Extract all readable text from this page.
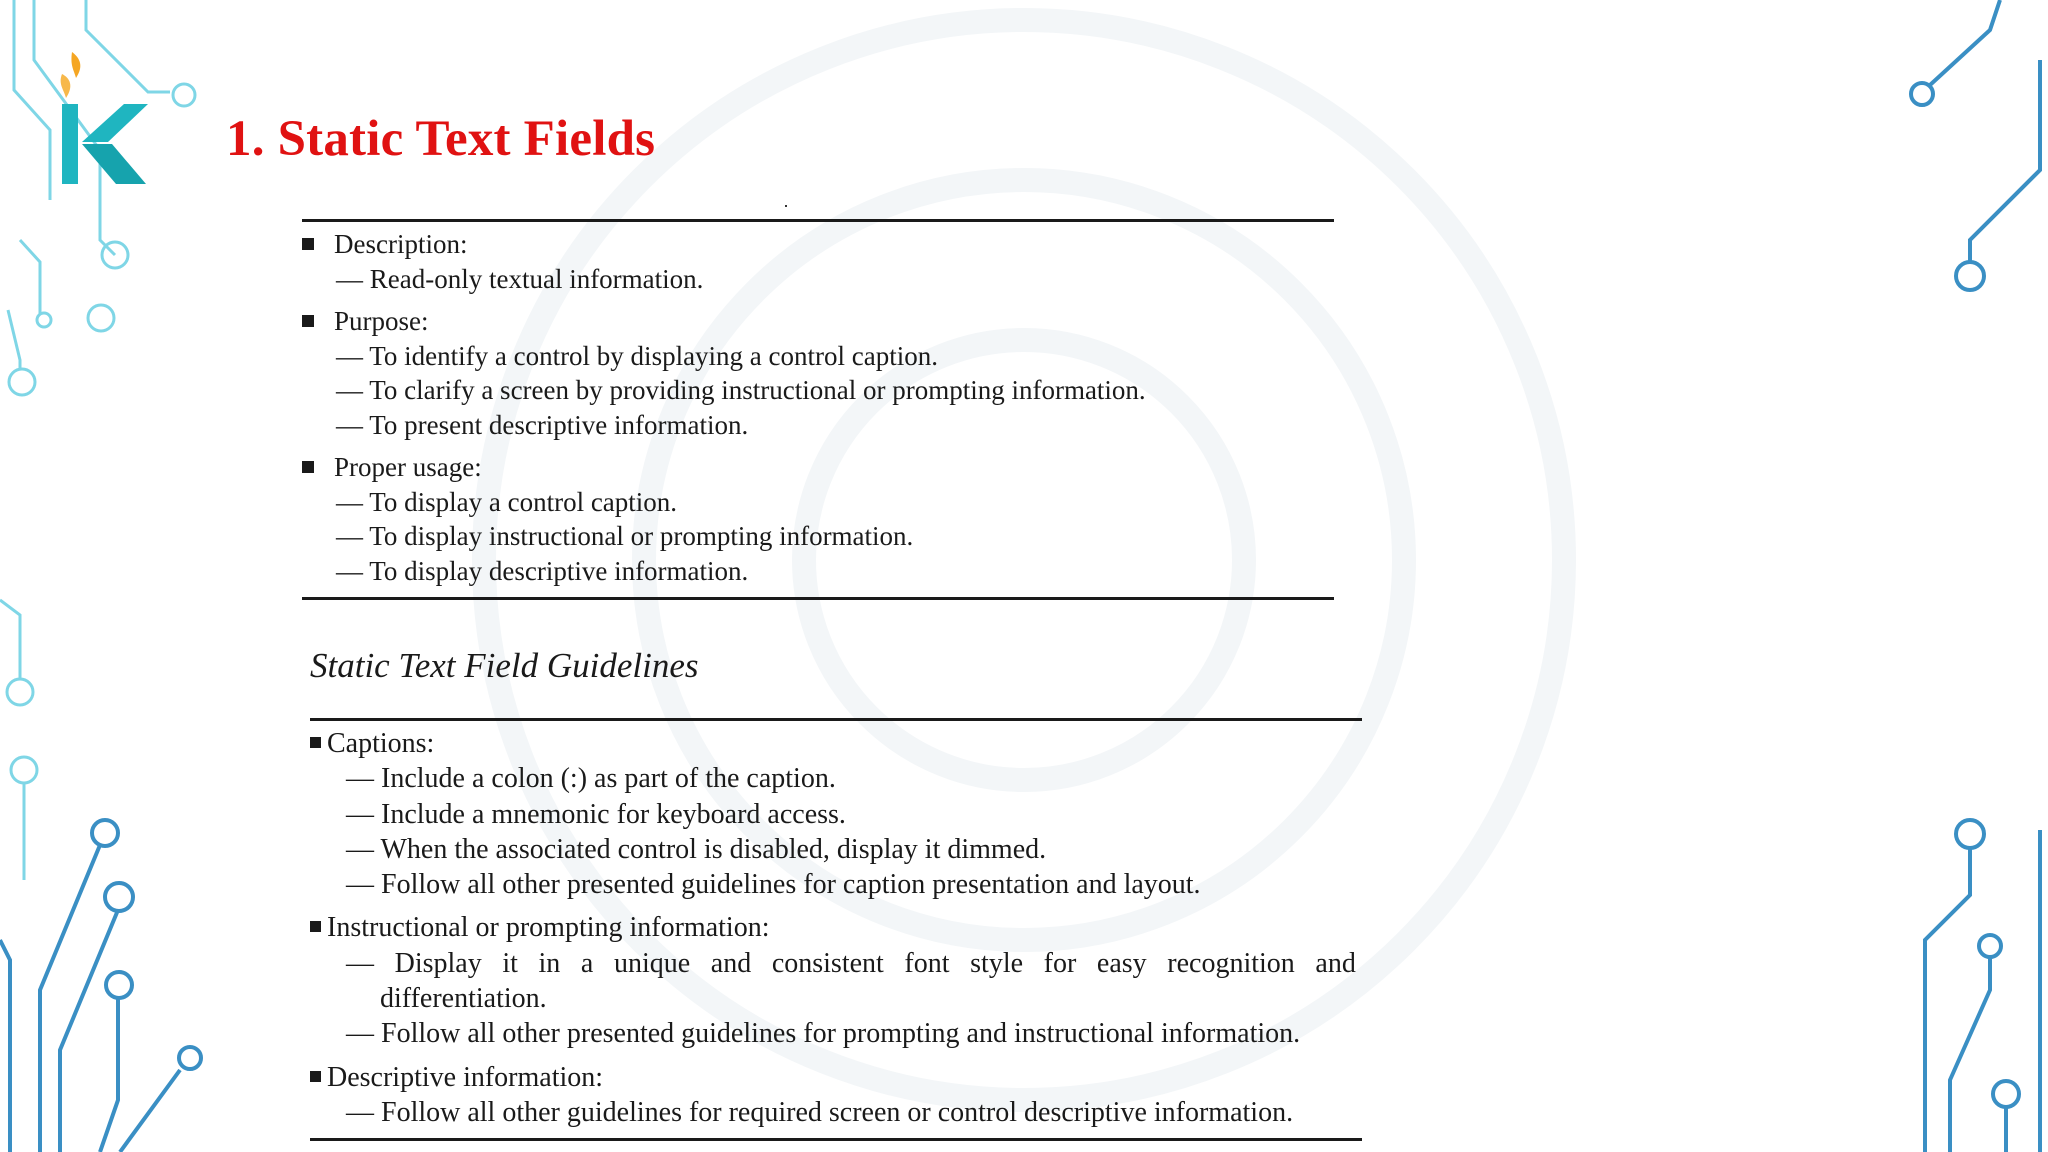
1. Static Text Fields
Description:
— Read-only textual information.
Purpose:
— To identify a control by displaying a control caption.
— To clarify a screen by providing instructional or prompting information.
— To present descriptive information.
Proper usage:
— To display a control caption.
— To display instructional or prompting information.
— To display descriptive information.
Static Text Field Guidelines
Captions:
— Include a colon (:) as part of the caption.
— Include a mnemonic for keyboard access.
— When the associated control is disabled, display it dimmed.
— Follow all other presented guidelines for caption presentation and layout.
Instructional or prompting information:
— Display it in a unique and consistent font style for easy recognition and
differentiation.
— Follow all other presented guidelines for prompting and instructional information.
Descriptive information:
— Follow all other guidelines for required screen or control descriptive information.
